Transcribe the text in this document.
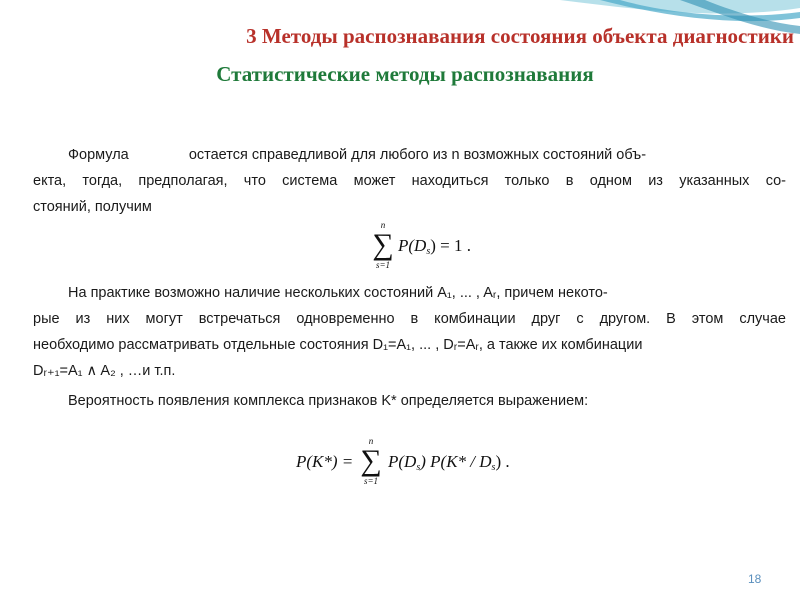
3 Методы распознавания состояния объекта диагностики
Статистические методы распознавания
Формула	остается справедливой для любого из n возможных состояний объ-
екта, тогда, предполагая, что система может находиться только в одном из указанных со-
стояний, получим
n
∑
s=1
$P(D_s) = 1$ .
На практике возможно наличие нескольких состояний A₁, ... , Aᵣ, причем некото-
рые из них могут встречаться одновременно в комбинации друг с другом. В этом случае
необходимо рассматривать отдельные состояния D₁=A₁, ... , Dᵣ=Aᵣ, а также их комбинации
Dᵣ₊₁=A₁ ∧ A₂ , …и т.п.
Вероятность появления комплекса признаков K* определяется выражением:
P(K*) =
n
∑
s=1
$P(D_s)$ $P(K* / D_s)$ .
18
